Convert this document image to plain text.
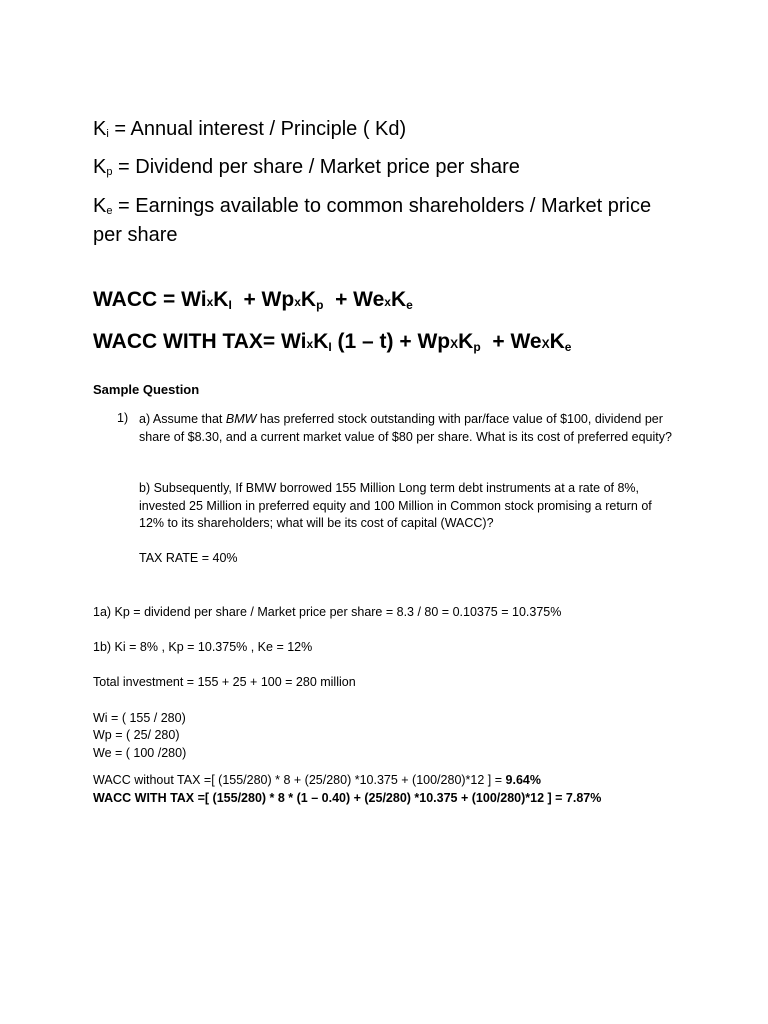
$K_i$ = Annual interest / Principle ( Kd)
$K_p$ = Dividend per share / Market price per share
$K_e$ = Earnings available to common shareholders / Market price per share
WACC = WixK$_I$  + WpxK$_p$  + WexK$_e$
WACC WITH TAX= WixK$_I$ (1 – t) + WpXK$_p$  + WeXK$_e$
Sample Question
1) a) Assume that BMW has preferred stock outstanding with par/face value of $100, dividend per share of $8.30, and a current market value of $80 per share. What is its cost of preferred equity?
b) Subsequently, If BMW borrowed 155 Million Long term debt instruments at a rate of 8%, invested 25 Million in preferred equity and 100 Million in Common stock promising a return of 12% to its shareholders; what will be its cost of capital (WACC)?
TAX RATE = 40%
1a) Kp = dividend per share / Market price per share = 8.3 / 80 = 0.10375 = 10.375%
1b) Ki = 8% , Kp = 10.375% , Ke = 12%
Total investment = 155 + 25 + 100 = 280 million
Wi = ( 155 / 280)
Wp = ( 25/ 280)
We = ( 100 /280)
WACC without TAX =[ (155/280) * 8 + (25/280) *10.375 + (100/280)*12 ] = 9.64%
WACC WITH TAX =[ (155/280) * 8 * (1 – 0.40) + (25/280) *10.375 + (100/280)*12 ] = 7.87%
